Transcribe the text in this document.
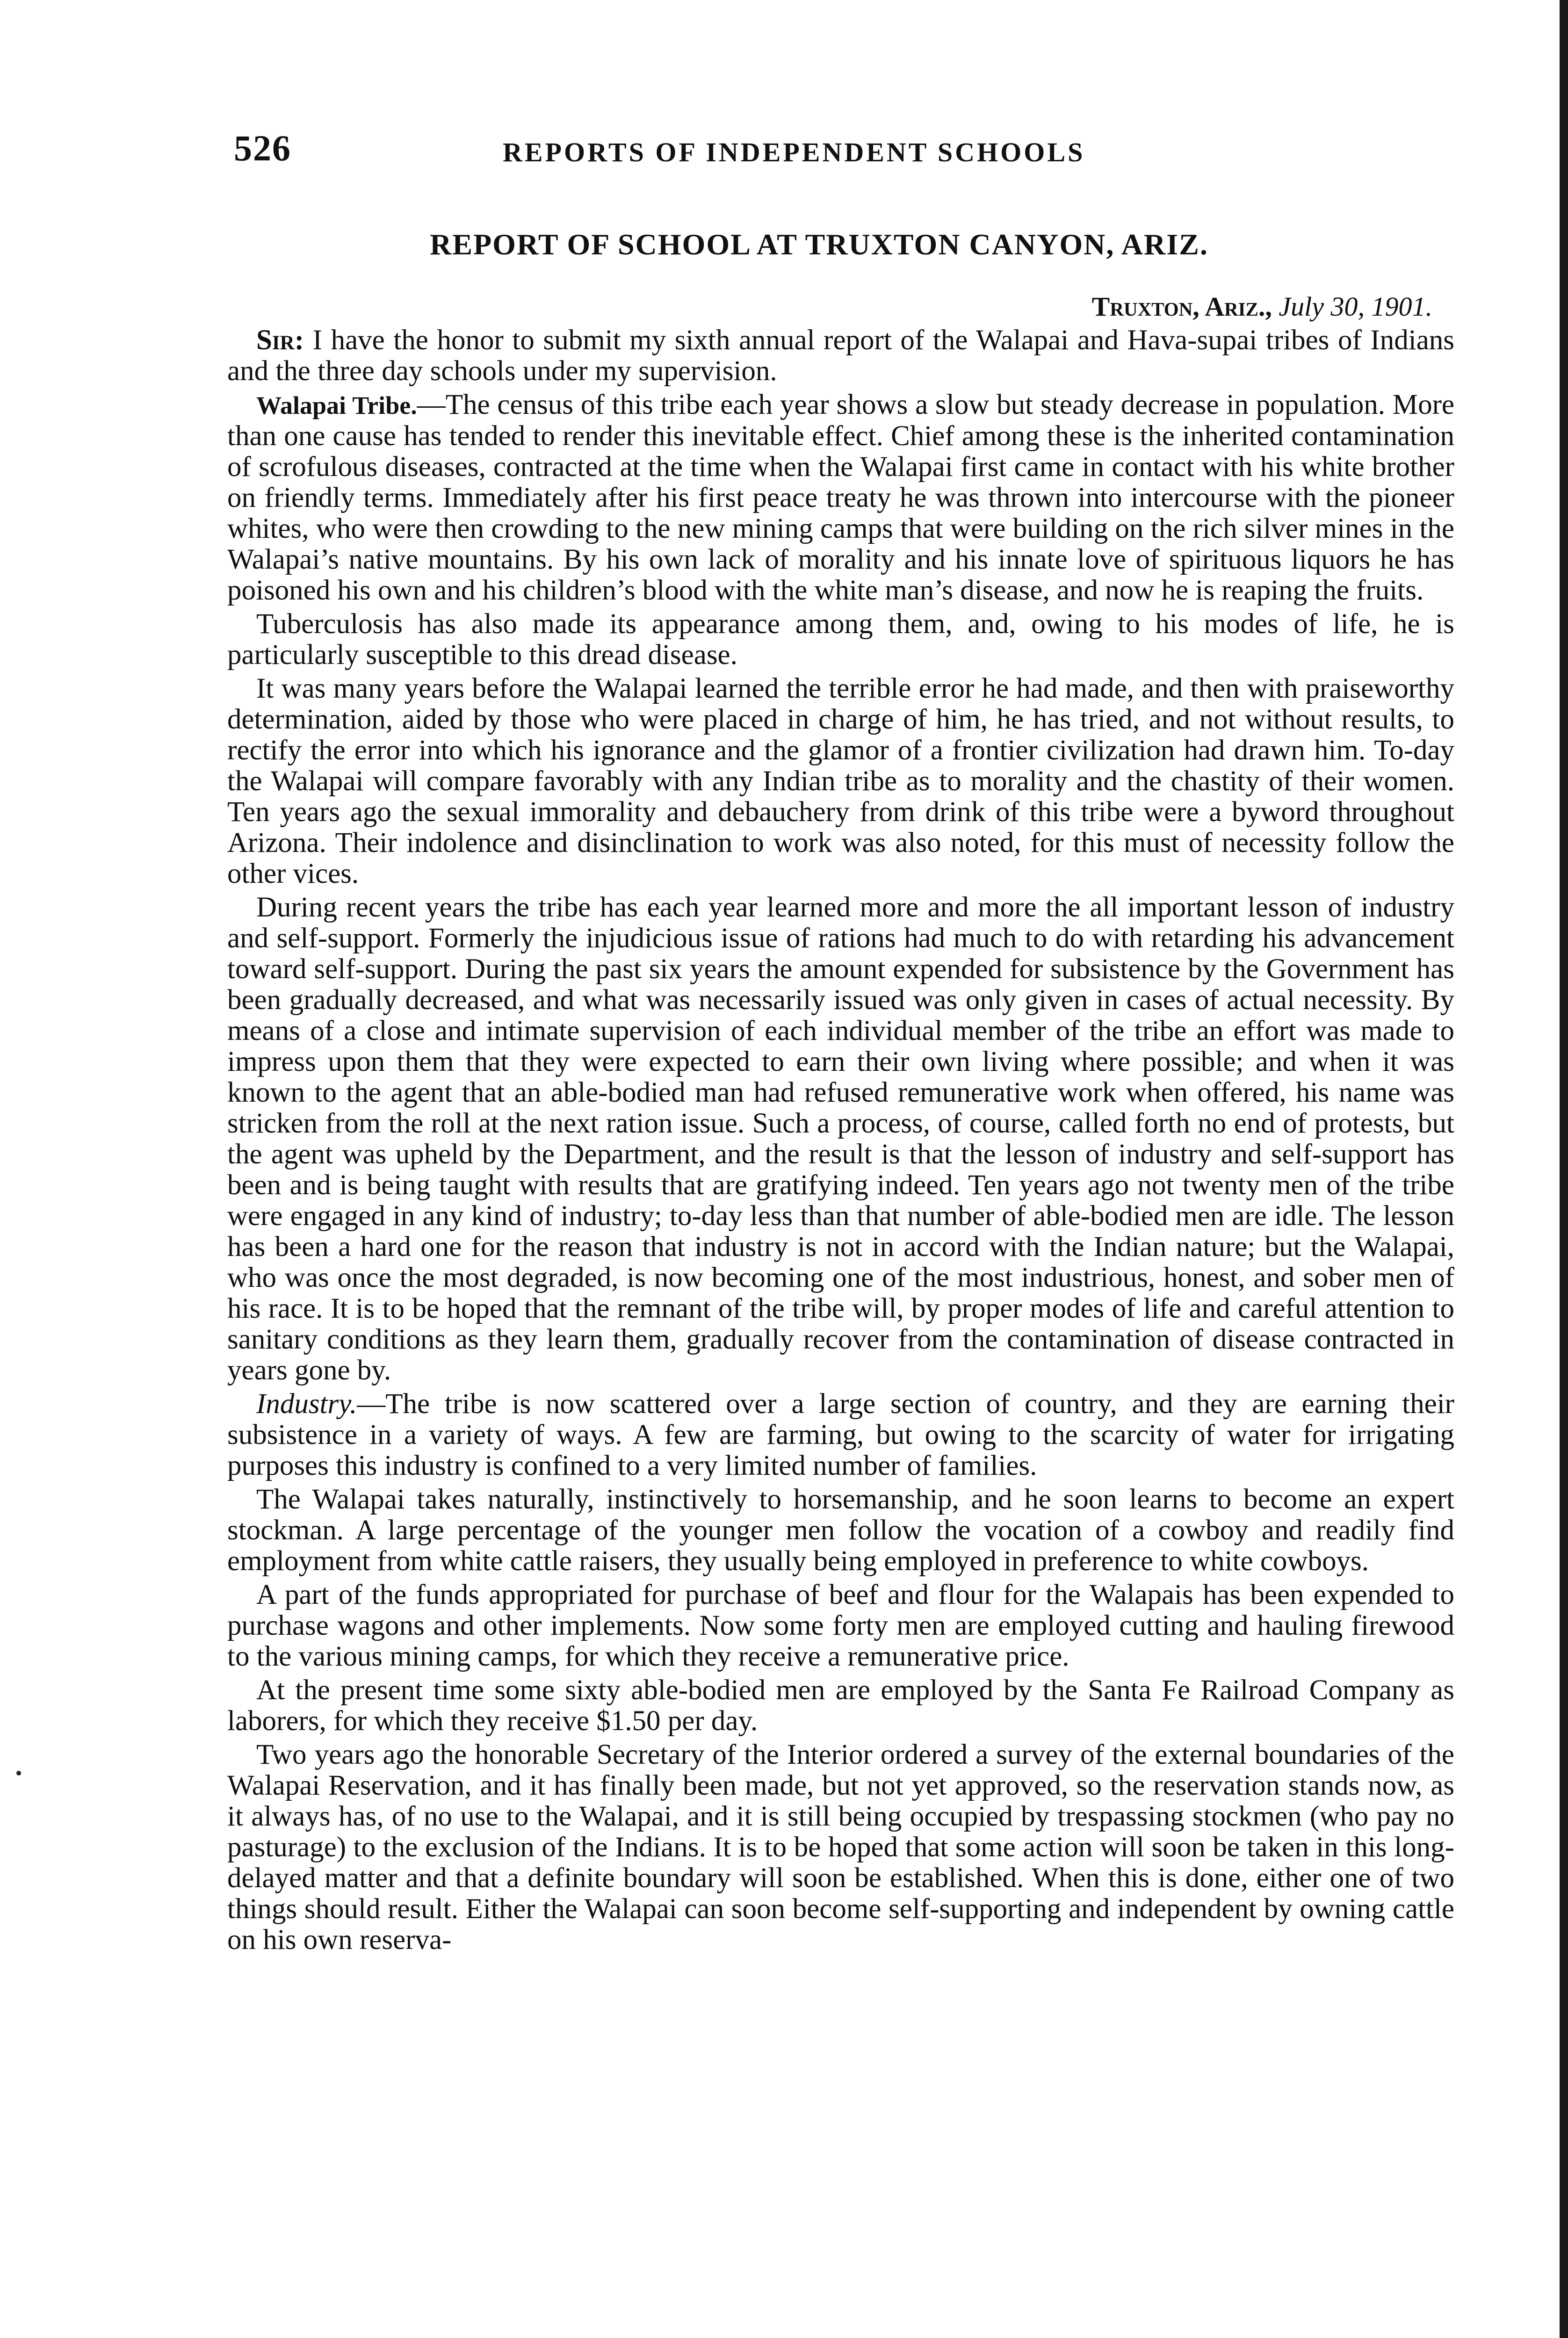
526	REPORTS OF INDEPENDENT SCHOOLS
REPORT OF SCHOOL AT TRUXTON CANYON, ARIZ.
Truxton, Ariz., July 30, 1901.

Sir: I have the honor to submit my sixth annual report of the Walapai and Hava-supai tribes of Indians and the three day schools under my supervision.

Walapai Tribe.—The census of this tribe each year shows a slow but steady decrease in population. More than one cause has tended to render this inevitable effect. Chief among these is the inherited contamination of scrofulous diseases, contracted at the time when the Walapai first came in contact with his white brother on friendly terms. Immediately after his first peace treaty he was thrown into intercourse with the pioneer whites, who were then crowding to the new mining camps that were building on the rich silver mines in the Walapai’s native mountains. By his own lack of morality and his innate love of spirituous liquors he has poisoned his own and his children’s blood with the white man’s disease, and now he is reaping the fruits.

Tuberculosis has also made its appearance among them, and, owing to his modes of life, he is particularly susceptible to this dread disease.

It was many years before the Walapai learned the terrible error he had made, and then with praiseworthy determination, aided by those who were placed in charge of him, he has tried, and not without results, to rectify the error into which his ignorance and the glamor of a frontier civilization had drawn him. To-day the Walapai will compare favorably with any Indian tribe as to morality and the chastity of their women. Ten years ago the sexual immorality and debauchery from drink of this tribe were a byword throughout Arizona. Their indolence and disinclination to work was also noted, for this must of necessity follow the other vices.

During recent years the tribe has each year learned more and more the all important lesson of industry and self-support. Formerly the injudicious issue of rations had much to do with retarding his advancement toward self-support. During the past six years the amount expended for subsistence by the Government has been gradually decreased, and what was necessarily issued was only given in cases of actual necessity. By means of a close and intimate supervision of each individual member of the tribe an effort was made to impress upon them that they were expected to earn their own living where possible; and when it was known to the agent that an able-bodied man had refused remunerative work when offered, his name was stricken from the roll at the next ration issue. Such a process, of course, called forth no end of protests, but the agent was upheld by the Department, and the result is that the lesson of industry and self-support has been and is being taught with results that are gratifying indeed. Ten years ago not twenty men of the tribe were engaged in any kind of industry; to-day less than that number of able-bodied men are idle. The lesson has been a hard one for the reason that industry is not in accord with the Indian nature; but the Walapai, who was once the most degraded, is now becoming one of the most industrious, honest, and sober men of his race. It is to be hoped that the remnant of the tribe will, by proper modes of life and careful attention to sanitary conditions as they learn them, gradually recover from the contamination of disease contracted in years gone by.

Industry.—The tribe is now scattered over a large section of country, and they are earning their subsistence in a variety of ways. A few are farming, but owing to the scarcity of water for irrigating purposes this industry is confined to a very limited number of families.

The Walapai takes naturally, instinctively to horsemanship, and he soon learns to become an expert stockman. A large percentage of the younger men follow the vocation of a cowboy and readily find employment from white cattle raisers, they usually being employed in preference to white cowboys.

A part of the funds appropriated for purchase of beef and flour for the Walapais has been expended to purchase wagons and other implements. Now some forty men are employed cutting and hauling firewood to the various mining camps, for which they receive a remunerative price.

At the present time some sixty able-bodied men are employed by the Santa Fe Railroad Company as laborers, for which they receive $1.50 per day.

Two years ago the honorable Secretary of the Interior ordered a survey of the external boundaries of the Walapai Reservation, and it has finally been made, but not yet approved, so the reservation stands now, as it always has, of no use to the Walapai, and it is still being occupied by trespassing stockmen (who pay no pasturage) to the exclusion of the Indians. It is to be hoped that some action will soon be taken in this long-delayed matter and that a definite boundary will soon be established. When this is done, either one of two things should result. Either the Walapai can soon become self-supporting and independent by owning cattle on his own reserva-
